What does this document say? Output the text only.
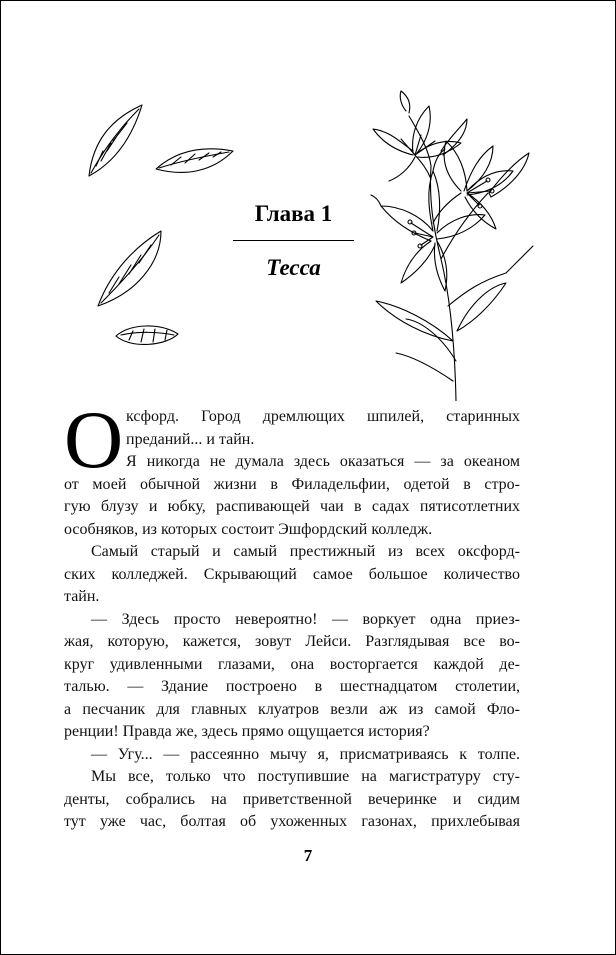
Глава 1
Тесса
О ксфорд. Город дремлющих шпилей, старинных
преданий... и тайн.
Я никогда не думала здесь оказаться — за океаном
от моей обычной жизни в Филадельфии, одетой в стро-
гую блузу и юбку, распивающей чаи в садах пятисотлетних
особняков, из которых состоит Эшфордский колледж.
Самый старый и самый престижный из всех оксфорд-
ских колледжей. Скрывающий самое большое количество
тайн.
— Здесь просто невероятно! — воркует одна приез-
жая, которую, кажется, зовут Лейси. Разглядывая все во-
круг удивленными глазами, она восторгается каждой де-
талью. — Здание построено в шестнадцатом столетии,
а песчаник для главных клуатров везли аж из самой Фло-
ренции! Правда же, здесь прямо ощущается история?
— Угу... — рассеянно мычу я, присматриваясь к толпе.
Мы все, только что поступившие на магистратуру сту-
денты, собрались на приветственной вечеринке и сидим
тут уже час, болтая об ухоженных газонах, прихлебывая
7
